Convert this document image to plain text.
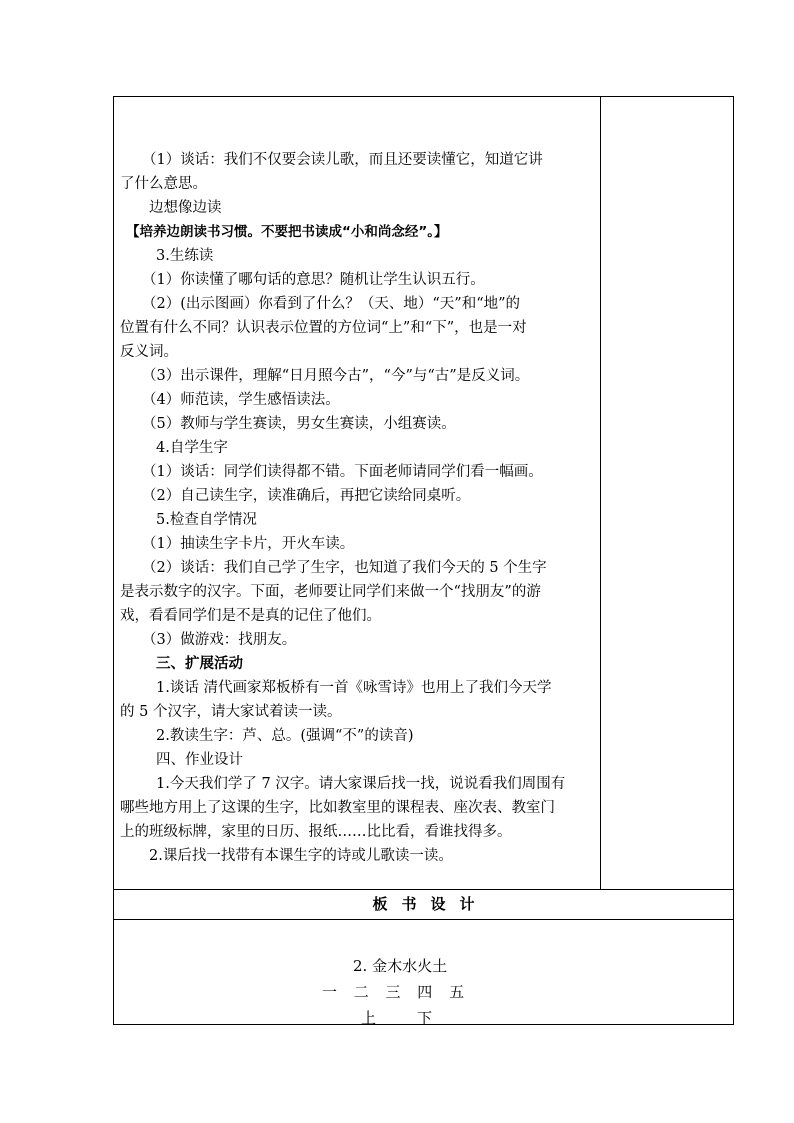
（1）谈话：我们不仅要会读儿歌，而且还要读懂它，知道它讲

了什么意思。

边想像边读

【培养边朗读书习惯。不要把书读成“小和尚念经”。】

3.生练读

（1）你读懂了哪句话的意思？随机让学生认识五行。

（2）(出示图画）你看到了什么？（天、地）“天”和“地”的

位置有什么不同？认识表示位置的方位词“上”和“下”，也是一对

反义词。

（3）出示课件，理解“日月照今古”，“今”与“古”是反义词。

（4）师范读，学生感悟读法。

（5）教师与学生赛读，男女生赛读，小组赛读。

4.自学生字

（1）谈话：同学们读得都不错。下面老师请同学们看一幅画。

（2）自己读生字，读准确后，再把它读给同桌听。

5.检查自学情况

（1）抽读生字卡片，开火车读。

（2）谈话：我们自己学了生字，也知道了我们今天的 5 个生字

是表示数字的汉字。下面，老师要让同学们来做一个“找朋友”的游

戏，看看同学们是不是真的记住了他们。

（3）做游戏：找朋友。

三、扩展活动

1.谈话 清代画家郑板桥有一首《咏雪诗》也用上了我们今天学

的 5 个汉字，请大家试着读一读。

2.教读生字：芦、总。(强调“不”的读音)

四、作业设计

1.今天我们学了 7 汉字。请大家课后找一找，说说看我们周围有

哪些地方用上了这课的生字，比如教室里的课程表、座次表、教室门

上的班级标牌，家里的日历、报纸……比比看，看谁找得多。

2.课后找一找带有本课生字的诗或儿歌读一读。

板书设计
2. 金木水火土
一 二 三 四 五
上	下
